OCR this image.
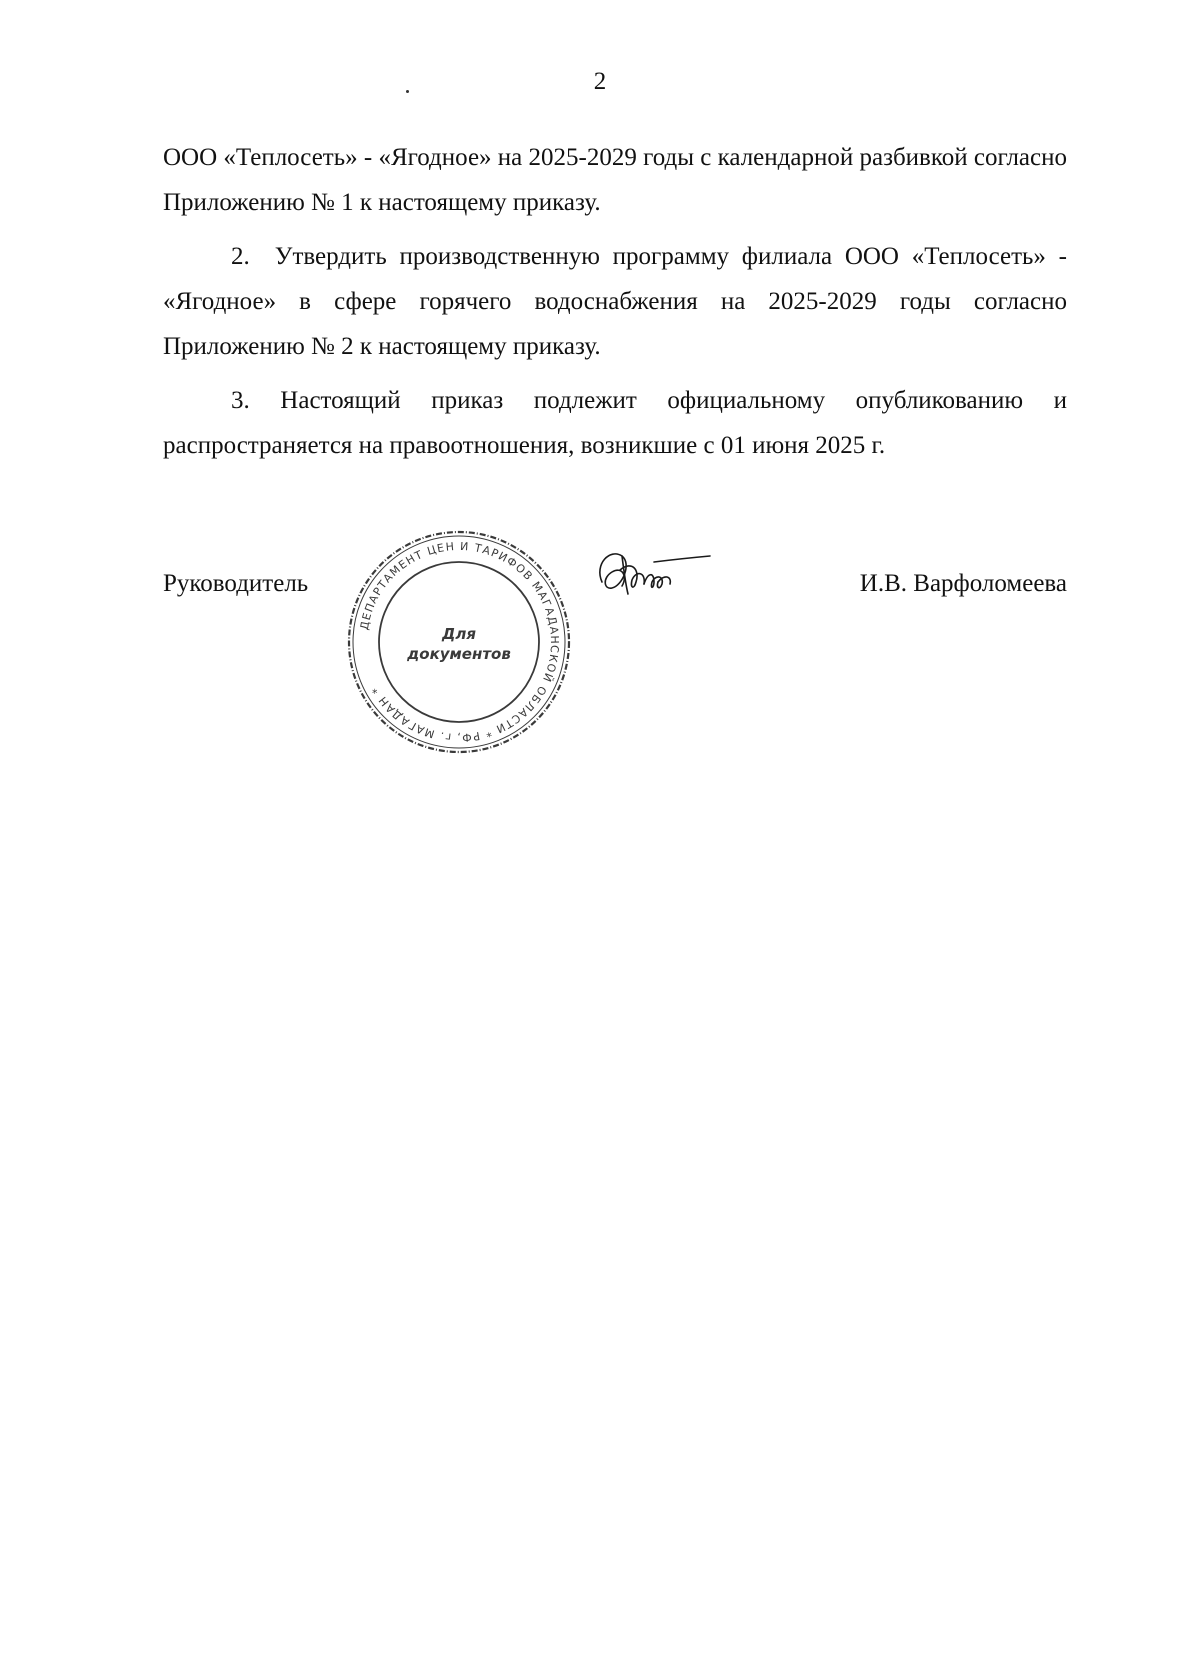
2

ООО «Теплосеть» - «Ягодное» на 2025-2029 годы с календарной разбивкой согласно Приложению № 1 к настоящему приказу.

2. Утвердить производственную программу филиала ООО «Теплосеть» - «Ягодное» в сфере горячего водоснабжения на 2025-2029 годы согласно Приложению № 2 к настоящему приказу.

3. Настоящий приказ подлежит официальному опубликованию и распространяется на правоотношения, возникшие с 01 июня 2025 г.

Руководитель	И.В. Варфоломеева
ДЕПАРТАМЕНТ ЦЕН И ТАРИФОВ МАГАДАНСКОЙ ОБЛАСТИ * РФ, г. МАГАДАН *
Для
документов
